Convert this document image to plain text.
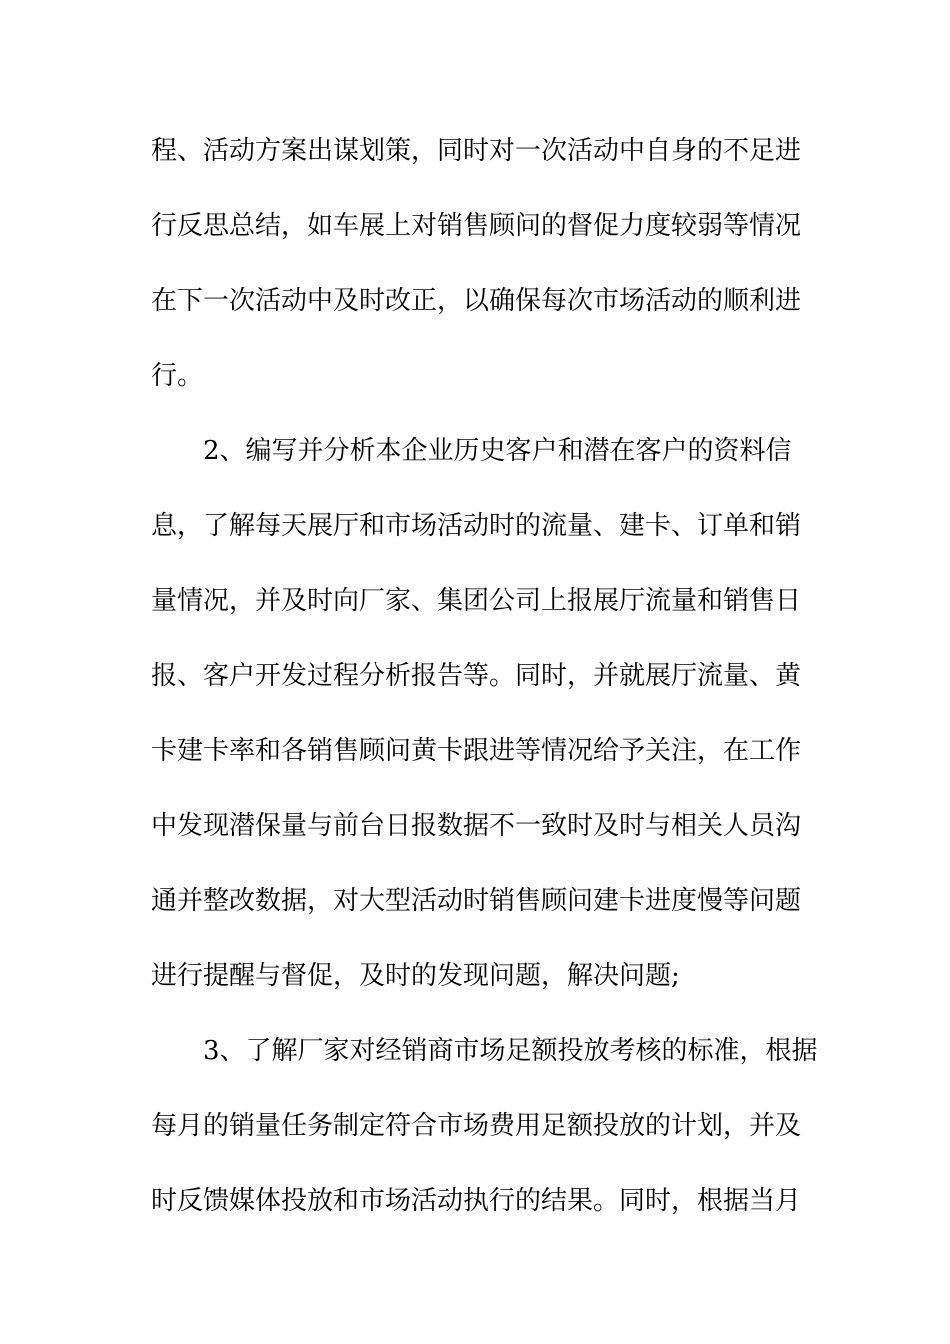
程、活动方案出谋划策，同时对一次活动中自身的不足进
行反思总结，如车展上对销售顾问的督促力度较弱等情况
在下一次活动中及时改正，以确保每次市场活动的顺利进
行。
2、编写并分析本企业历史客户和潜在客户的资料信
息，了解每天展厅和市场活动时的流量、建卡、订单和销
量情况，并及时向厂家、集团公司上报展厅流量和销售日
报、客户开发过程分析报告等。同时，并就展厅流量、黄
卡建卡率和各销售顾问黄卡跟进等情况给予关注，在工作
中发现潜保量与前台日报数据不一致时及时与相关人员沟
通并整改数据，对大型活动时销售顾问建卡进度慢等问题
进行提醒与督促，及时的发现问题，解决问题;
3、了解厂家对经销商市场足额投放考核的标准，根据
每月的销量任务制定符合市场费用足额投放的计划，并及
时反馈媒体投放和市场活动执行的结果。同时，根据当月
